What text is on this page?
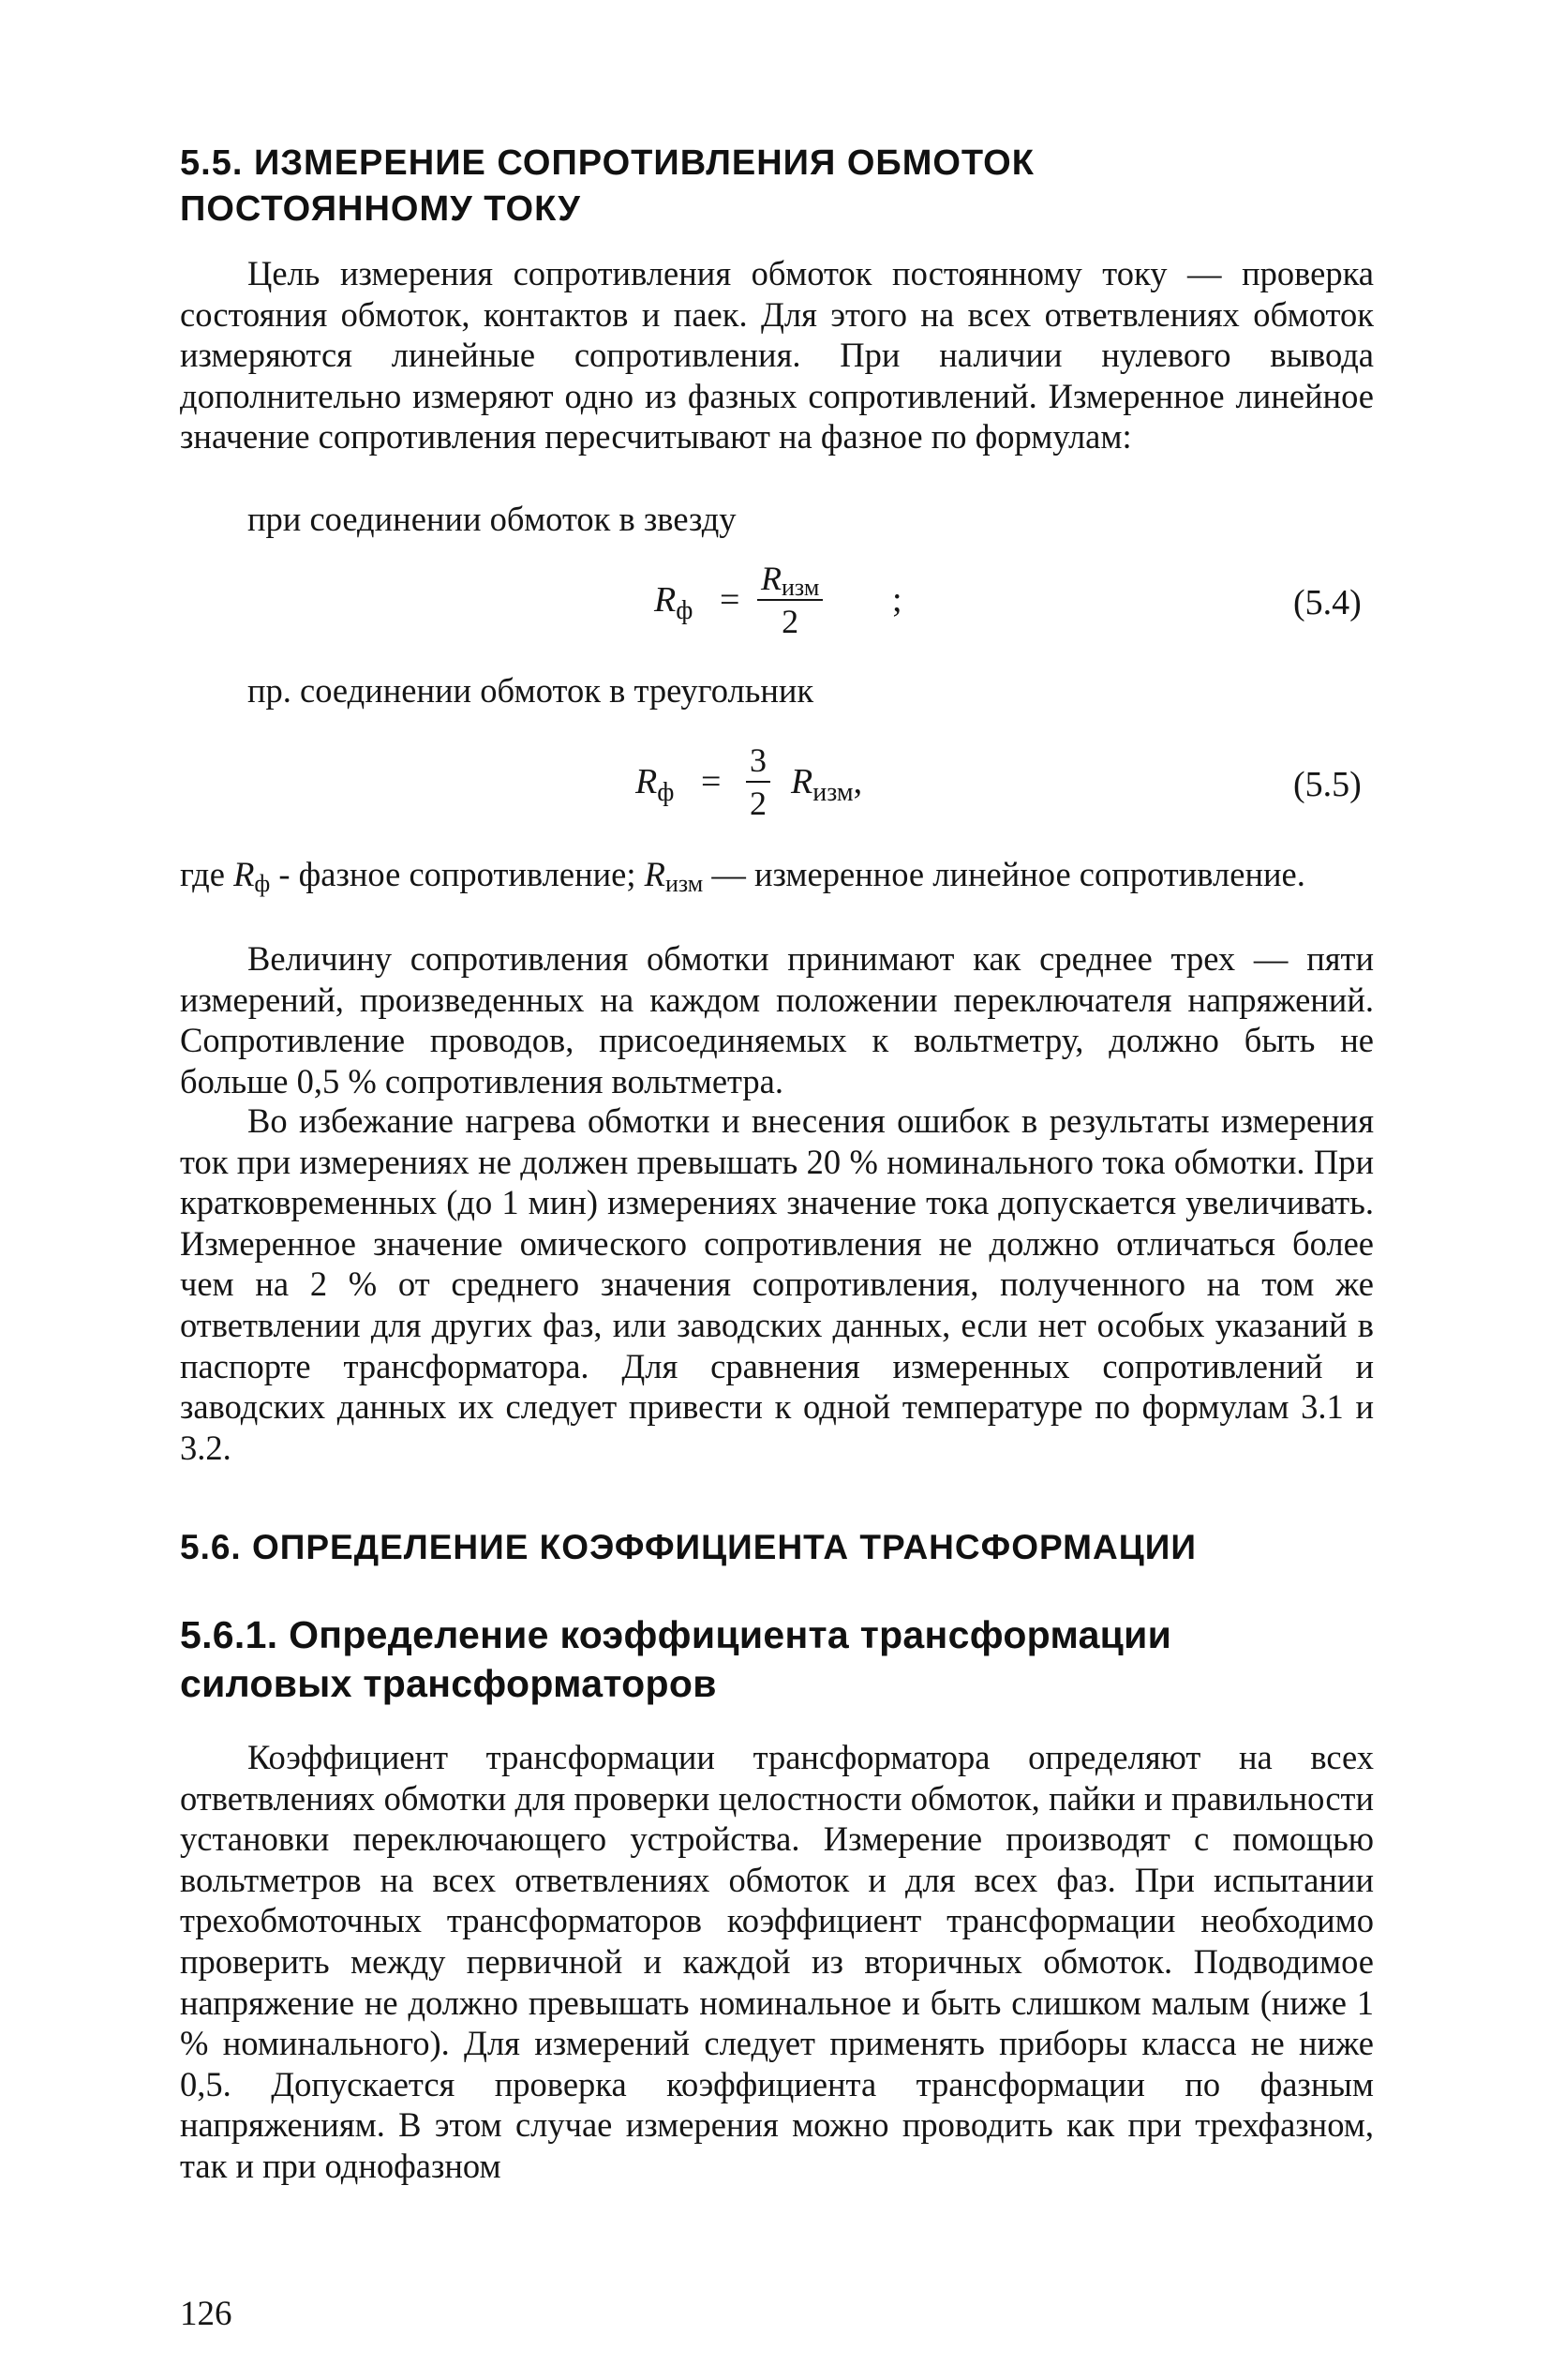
5.5. ИЗМЕРЕНИЕ СОПРОТИВЛЕНИЯ ОБМОТОК
ПОСТОЯННОМУ ТОКУ

Цель измерения сопротивления обмоток постоянному току — проверка состояния обмоток, контактов и паек. Для этого на всех ответвлениях обмоток измеряются линейные сопротивления. При наличии нулевого вывода дополнительно измеряют одно из фазных сопротивлений. Измеренное линейное значение сопротивления пересчитывают на фазное по формулам:

при соединении обмоток в звезду

$R_ф$ =
Rизм
2
;	(5.4)

пр. соединении обмоток в треугольник

$R_ф = \frac{3}{2} R_{изм}$,	(5.5)

где Rф - фазное сопротивление; Rизм — измеренное линейное сопротивление.

Величину сопротивления обмотки принимают как среднее трех — пяти измерений, произведенных на каждом положении переключателя напряжений. Сопротивление проводов, присоединяемых к вольтметру, должно быть не больше 0,5 % сопротивления вольтметра.

Во избежание нагрева обмотки и внесения ошибок в результаты измерения ток при измерениях не должен превышать 20 % номинального тока обмотки. При кратковременных (до 1 мин) измерениях значение тока допускается увеличивать. Измеренное значение омического сопротивления не должно отличаться более чем на 2 % от среднего значения сопротивления, полученного на том же ответвлении для других фаз, или заводских данных, если нет особых указаний в паспорте трансформатора. Для сравнения измеренных сопротивлений и заводских данных их следует привести к одной температуре по формулам 3.1 и 3.2.

5.6. ОПРЕДЕЛЕНИЕ КОЭФФИЦИЕНТА ТРАНСФОРМАЦИИ
5.6.1. Определение коэффициента трансформации
силовых трансформаторов

Коэффициент трансформации трансформатора определяют на всех ответвлениях обмотки для проверки целостности обмоток, пайки и правильности установки переключающего устройства. Измерение производят с помощью вольтметров на всех ответвлениях обмоток и для всех фаз. При испытании трехобмоточных трансформаторов коэффициент трансформации необходимо проверить между первичной и каждой из вторичных обмоток. Подводимое напряжение не должно превышать номинальное и быть слишком малым (ниже 1 % номинального). Для измерений следует применять приборы класса не ниже 0,5. Допускается проверка коэффициента трансформации по фазным напряжениям. В этом случае измерения можно проводить как при трехфазном, так и при однофазном

126
